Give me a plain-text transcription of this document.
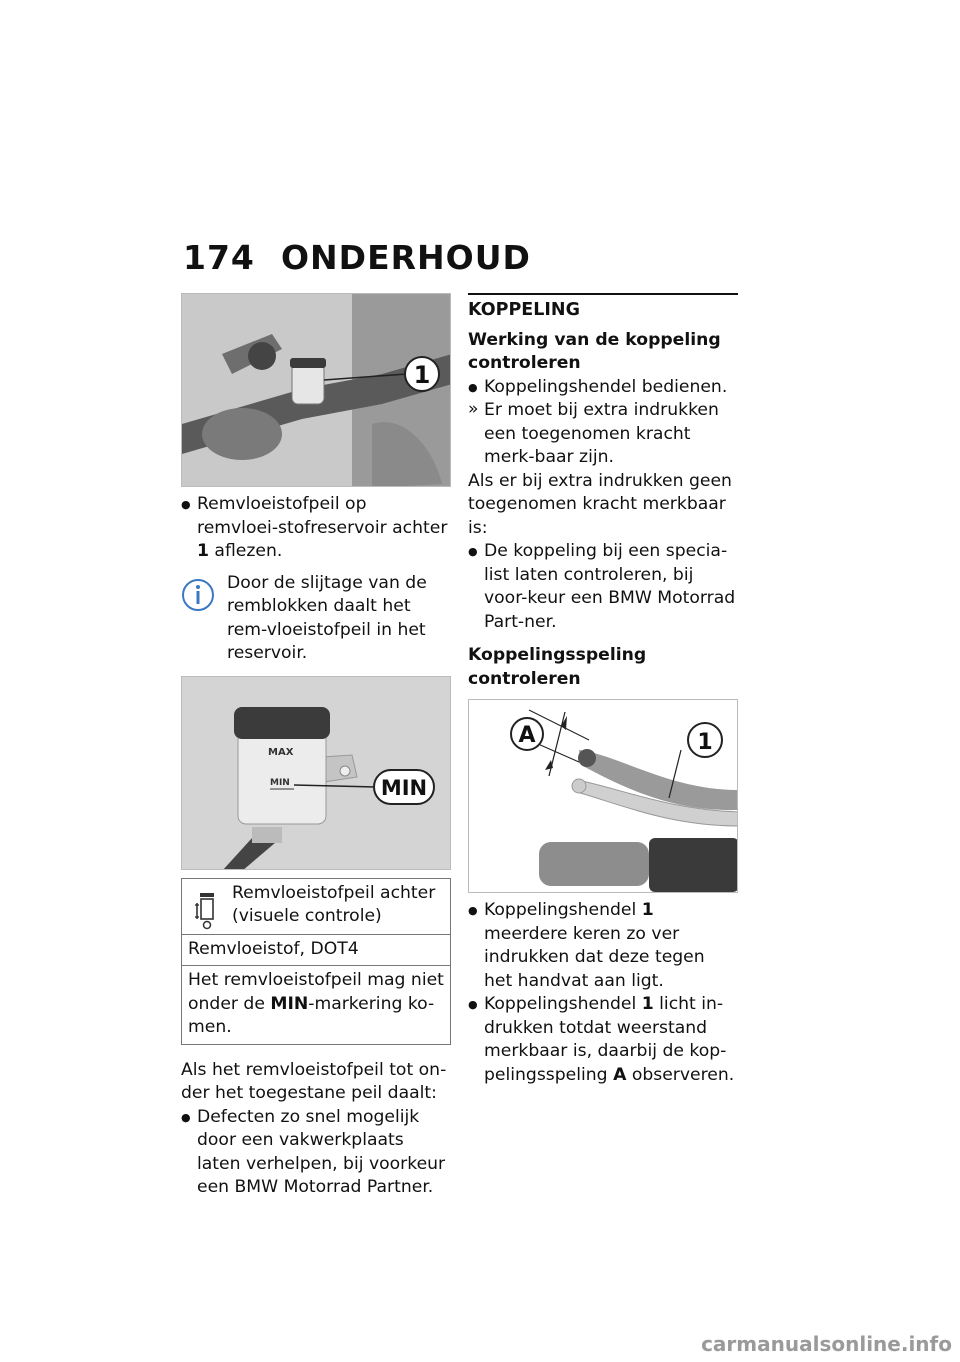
174 ONDERHOUD
1

● Remvloeistofpeil op remvloei-stofreservoir achter 1 aflezen.

Door de slijtage van de remblokken daalt het rem-vloeistofpeil in het reservoir.

MAX
MIN	MIN
Remvloeistofpeil achter (visuele controle)
Remvloeistof, DOT4
Het remvloeistofpeil mag niet onder de MIN-markering ko-men.

Als het remvloeistofpeil tot on-der het toegestane peil daalt:

● Defecten zo snel mogelijk door een vakwerkplaats laten verhelpen, bij voorkeur een BMW Motorrad Partner.

KOPPELING
Werking van de koppeling controleren

● Koppelingshendel bedienen.

» Er moet bij extra indrukken een toegenomen kracht merk-baar zijn.

Als er bij extra indrukken geen toegenomen kracht merkbaar is:

● De koppeling bij een specia-list laten controleren, bij voor-keur een BMW Motorrad Part-ner.

Koppelingsspeling controleren
A	1

● Koppelingshendel 1 meerdere keren zo ver indrukken dat deze tegen het handvat aan ligt.

● Koppelingshendel 1 licht in-drukken totdat weerstand merkbaar is, daarbij de kop-pelingsspeling A observeren.

carmanualsonline.info
